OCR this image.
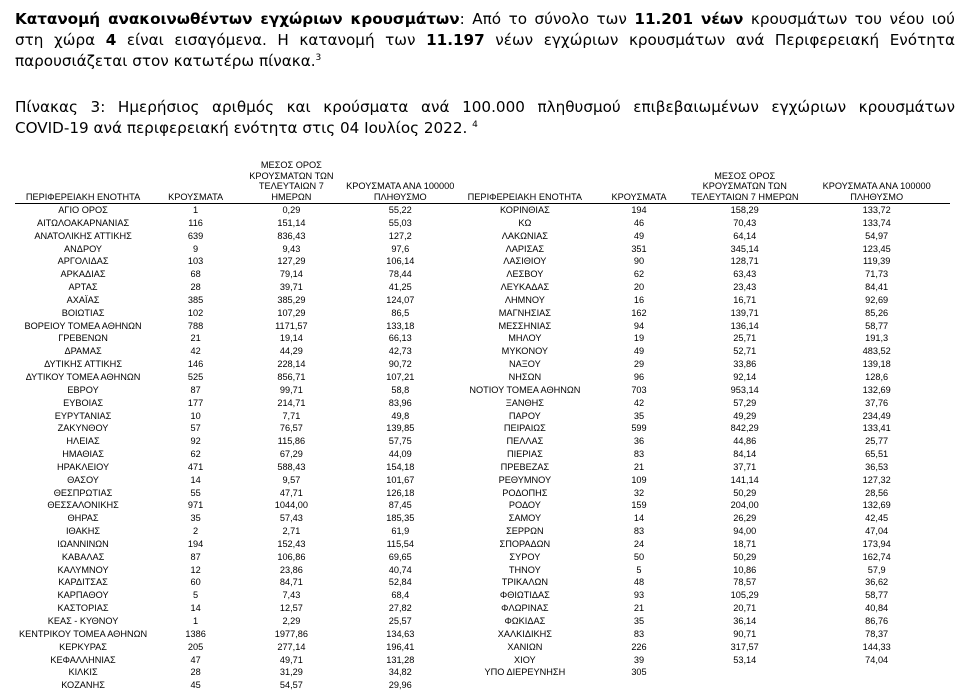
Κατανομή ανακοινωθέντων εγχώριων κρουσμάτων: Από το σύνολο των 11.201 νέων κρουσμάτων του νέου ιού
στη χώρα 4 είναι εισαγόμενα. Η κατανομή των 11.197 νέων εγχώριων κρουσμάτων ανά Περιφερειακή Ενότητα
παρουσιάζεται στον κατωτέρω πίνακα.$^3$
Πίνακας 3: Ημερήσιος αριθμός και κρούσματα ανά 100.000 πληθυσμού επιβεβαιωμένων εγχώριων κρουσμάτων
COVID-19 ανά περιφερειακή ενότητα στις 04 Ιουλίος 2022. $^4$
ΠΕΡΙΦΕΡΕΙΑΚΗ ΕΝΟΤΗΤΑ	ΚΡΟΥΣΜΑΤΑ	ΜΕΣΟΣ ΟΡΟΣ
ΚΡΟΥΣΜΑΤΩΝ ΤΩΝ
ΤΕΛΕΥΤΑΙΩΝ 7 ΗΜΕΡΩΝ	ΚΡΟΥΣΜΑΤΑ ΑΝΑ 100000
ΠΛΗΘΥΣΜΟ	ΠΕΡΙΦΕΡΕΙΑΚΗ ΕΝΟΤΗΤΑ	ΚΡΟΥΣΜΑΤΑ	ΜΕΣΟΣ ΟΡΟΣ
ΚΡΟΥΣΜΑΤΩΝ ΤΩΝ
ΤΕΛΕΥΤΑΙΩΝ 7 ΗΜΕΡΩΝ	ΚΡΟΥΣΜΑΤΑ ΑΝΑ 100000
ΠΛΗΘΥΣΜΟ
ΑΓΙΟ ΟΡΟΣ	1	0,29	55,22	ΚΟΡΙΝΘΙΑΣ	194	158,29	133,72
ΑΙΤΩΛΟΑΚΑΡΝΑΝΙΑΣ	116	151,14	55,03	ΚΩ	46	70,43	133,74
ΑΝΑΤΟΛΙΚΗΣ ΑΤΤΙΚΗΣ	639	836,43	127,2	ΛΑΚΩΝΙΑΣ	49	64,14	54,97
ΑΝΔΡΟΥ	9	9,43	97,6	ΛΑΡΙΣΑΣ	351	345,14	123,45
ΑΡΓΟΛΙΔΑΣ	103	127,29	106,14	ΛΑΣΙΘΙΟΥ	90	128,71	119,39
ΑΡΚΑΔΙΑΣ	68	79,14	78,44	ΛΕΣΒΟΥ	62	63,43	71,73
ΑΡΤΑΣ	28	39,71	41,25	ΛΕΥΚΑΔΑΣ	20	23,43	84,41
ΑΧΑΪΑΣ	385	385,29	124,07	ΛΗΜΝΟΥ	16	16,71	92,69
ΒΟΙΩΤΙΑΣ	102	107,29	86,5	ΜΑΓΝΗΣΙΑΣ	162	139,71	85,26
ΒΟΡΕΙΟΥ ΤΟΜΕΑ ΑΘΗΝΩΝ	788	1171,57	133,18	ΜΕΣΣΗΝΙΑΣ	94	136,14	58,77
ΓΡΕΒΕΝΩΝ	21	19,14	66,13	ΜΗΛΟΥ	19	25,71	191,3
ΔΡΑΜΑΣ	42	44,29	42,73	ΜΥΚΟΝΟΥ	49	52,71	483,52
ΔΥΤΙΚΗΣ ΑΤΤΙΚΗΣ	146	228,14	90,72	ΝΑΞΟΥ	29	33,86	139,18
ΔΥΤΙΚΟΥ ΤΟΜΕΑ ΑΘΗΝΩΝ	525	856,71	107,21	ΝΗΣΩΝ	96	92,14	128,6
ΕΒΡΟΥ	87	99,71	58,8	ΝΟΤΙΟΥ ΤΟΜΕΑ ΑΘΗΝΩΝ	703	953,14	132,69
ΕΥΒΟΙΑΣ	177	214,71	83,96	ΞΑΝΘΗΣ	42	57,29	37,76
ΕΥΡΥΤΑΝΙΑΣ	10	7,71	49,8	ΠΑΡΟΥ	35	49,29	234,49
ΖΑΚΥΝΘΟΥ	57	76,57	139,85	ΠΕΙΡΑΙΩΣ	599	842,29	133,41
ΗΛΕΙΑΣ	92	115,86	57,75	ΠΕΛΛΑΣ	36	44,86	25,77
ΗΜΑΘΙΑΣ	62	67,29	44,09	ΠΙΕΡΙΑΣ	83	84,14	65,51
ΗΡΑΚΛΕΙΟΥ	471	588,43	154,18	ΠΡΕΒΕΖΑΣ	21	37,71	36,53
ΘΑΣΟΥ	14	9,57	101,67	ΡΕΘΥΜΝΟΥ	109	141,14	127,32
ΘΕΣΠΡΩΤΙΑΣ	55	47,71	126,18	ΡΟΔΟΠΗΣ	32	50,29	28,56
ΘΕΣΣΑΛΟΝΙΚΗΣ	971	1044,00	87,45	ΡΟΔΟΥ	159	204,00	132,69
ΘΗΡΑΣ	35	57,43	185,35	ΣΑΜΟΥ	14	26,29	42,45
ΙΘΑΚΗΣ	2	2,71	61,9	ΣΕΡΡΩΝ	83	94,00	47,04
ΙΩΑΝΝΙΝΩΝ	194	152,43	115,54	ΣΠΟΡΑΔΩΝ	24	18,71	173,94
ΚΑΒΑΛΑΣ	87	106,86	69,65	ΣΥΡΟΥ	50	50,29	162,74
ΚΑΛΥΜΝΟΥ	12	23,86	40,74	ΤΗΝΟΥ	5	10,86	57,9
ΚΑΡΔΙΤΣΑΣ	60	84,71	52,84	ΤΡΙΚΑΛΩΝ	48	78,57	36,62
ΚΑΡΠΑΘΟΥ	5	7,43	68,4	ΦΘΙΩΤΙΔΑΣ	93	105,29	58,77
ΚΑΣΤΟΡΙΑΣ	14	12,57	27,82	ΦΛΩΡΙΝΑΣ	21	20,71	40,84
ΚΕΑΣ - ΚΥΘΝΟΥ	1	2,29	25,57	ΦΩΚΙΔΑΣ	35	36,14	86,76
ΚΕΝΤΡΙΚΟΥ ΤΟΜΕΑ ΑΘΗΝΩΝ	1386	1977,86	134,63	ΧΑΛΚΙΔΙΚΗΣ	83	90,71	78,37
ΚΕΡΚΥΡΑΣ	205	277,14	196,41	ΧΑΝΙΩΝ	226	317,57	144,33
ΚΕΦΑΛΛΗΝΙΑΣ	47	49,71	131,28	ΧΙΟΥ	39	53,14	74,04
ΚΙΛΚΙΣ	28	31,29	34,82	ΥΠΟ ΔΙΕΡΕΥΝΗΣΗ	305		
ΚΟΖΑΝΗΣ	45	54,57	29,96				
